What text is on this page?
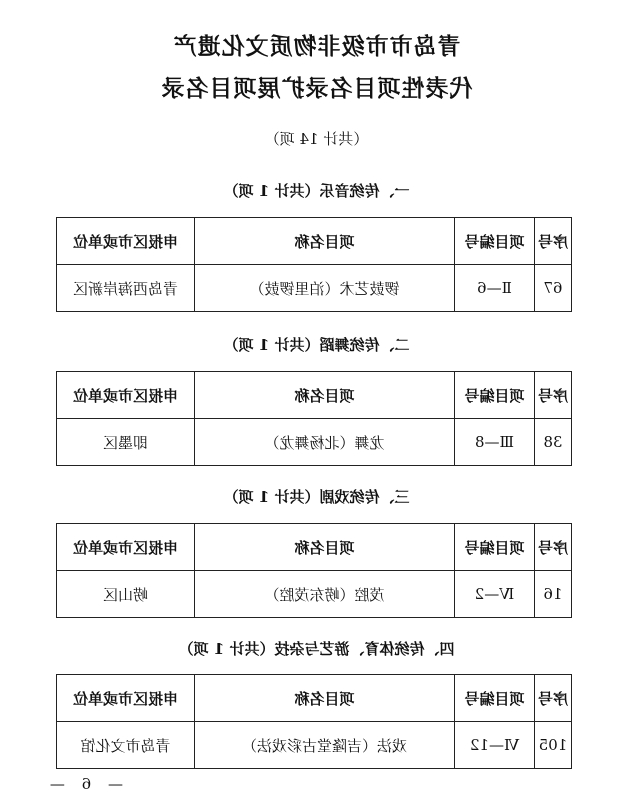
青岛市市级非物质文化遗产
代表性项目名录扩展项目名录
（共计 14 项）
一、传统音乐（共计 1 项）
序号	项目编号	项目名称	申报区市或单位
67	Ⅱ—6	锣鼓艺术（泊里锣鼓）	青岛西海岸新区
二、传统舞蹈（共计 1 项）
序号	项目编号	项目名称	申报区市或单位
38	Ⅲ—8	龙舞（北杨舞龙）	即墨区
三、传统戏剧（共计 1 项）
序号	项目编号	项目名称	申报区市或单位
16	Ⅳ—2	茂腔（崂东茂腔）	崂山区
四、传统体育、游艺与杂技（共计 1 项）
序号	项目编号	项目名称	申报区市或单位
105	Ⅵ—12	戏法（吉隆堂古彩戏法）	青岛市文化馆
— 6 —
